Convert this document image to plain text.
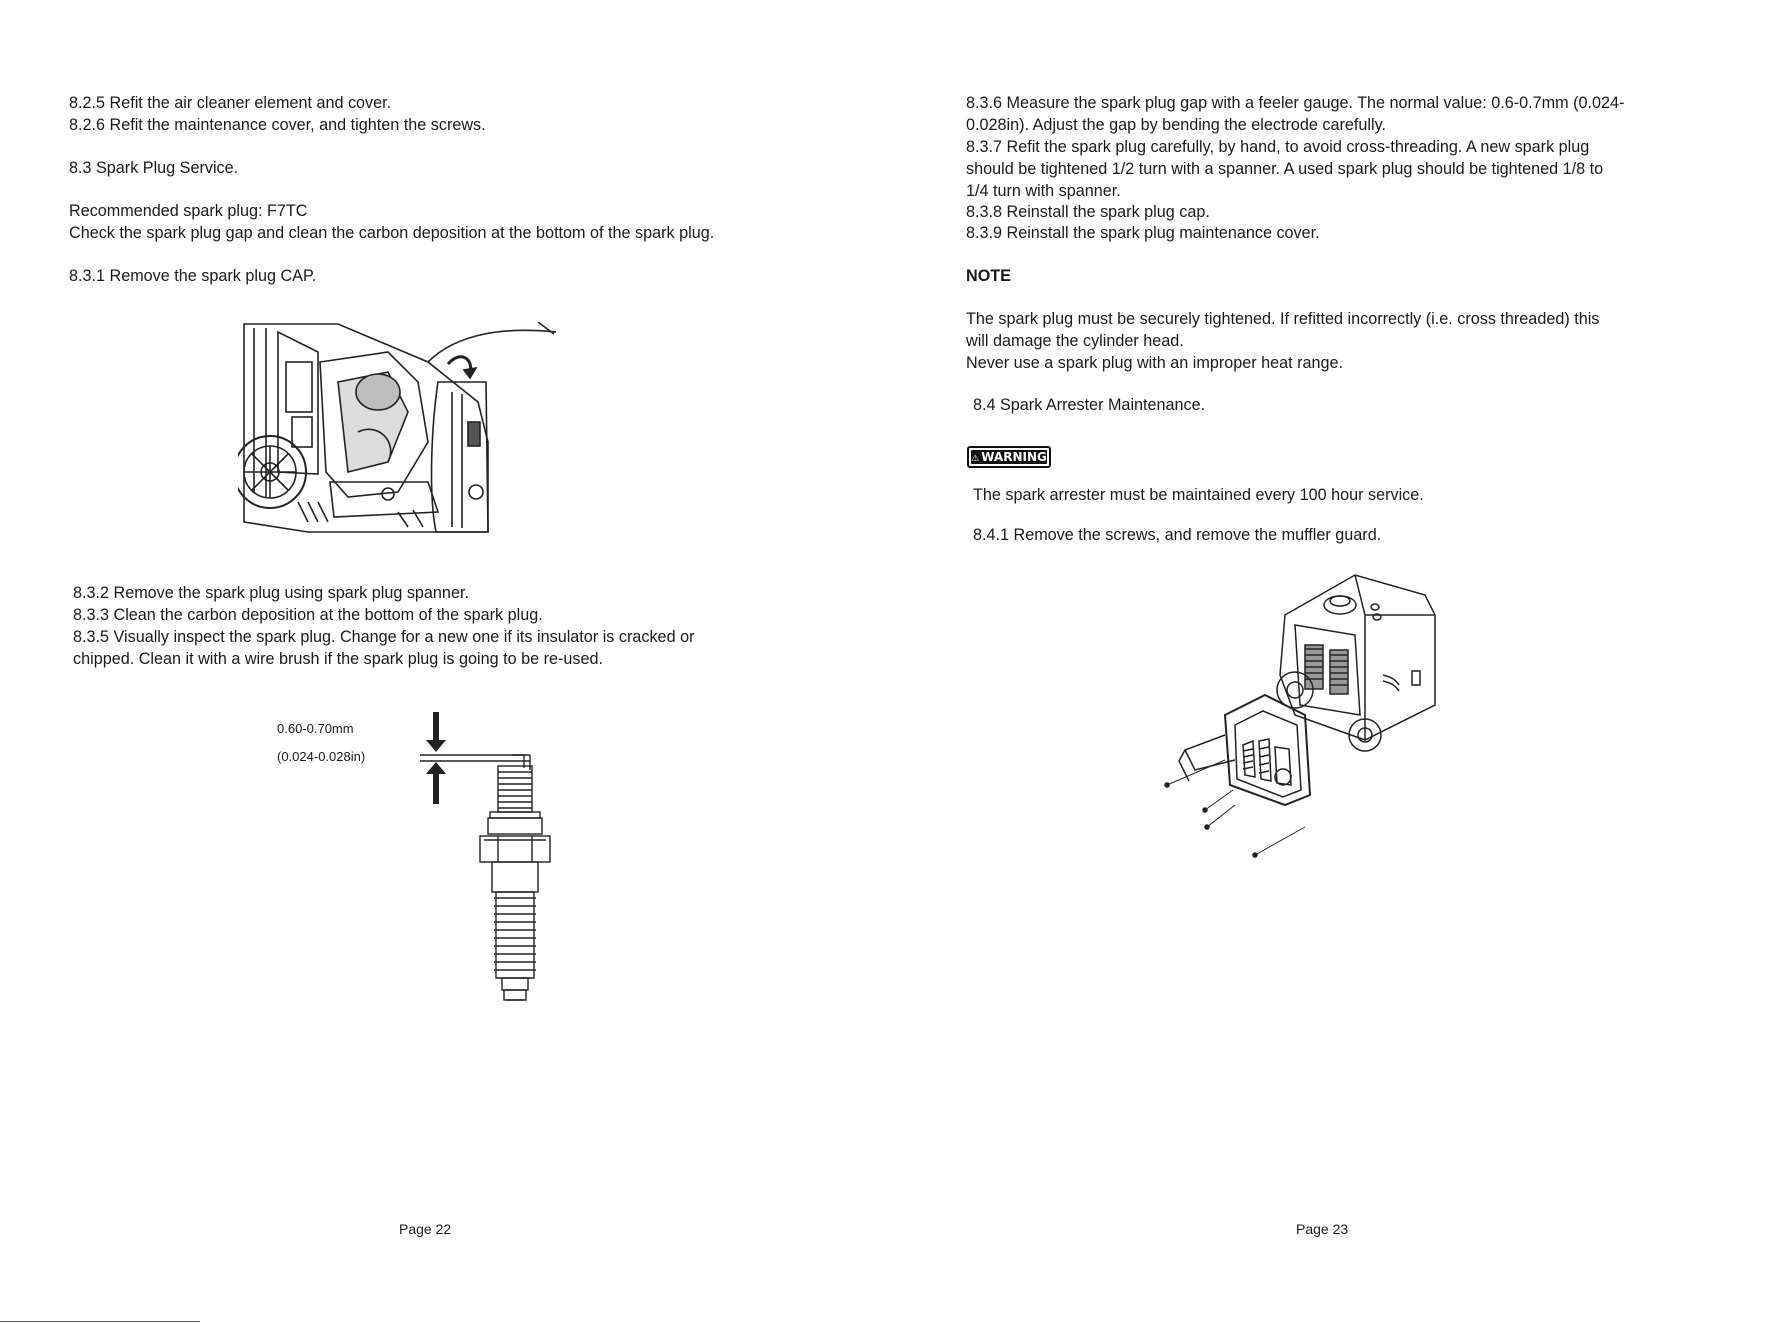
8.2.5 Refit the air cleaner element and cover.
8.2.6 Refit the maintenance cover, and tighten the screws.
8.3 Spark Plug Service.
Recommended spark plug: F7TC
Check the spark plug gap and clean the carbon deposition at the bottom of the spark plug.
8.3.1 Remove the spark plug CAP.
8.3.2 Remove the spark plug using spark plug spanner.
8.3.3 Clean the carbon deposition at the bottom of the spark plug.
8.3.5 Visually inspect the spark plug. Change for a new one if its insulator is cracked or
chipped. Clean it with a wire brush if the spark plug is going to be re-used.
0.60-0.70mm
(0.024-0.028in)
Page 22
8.3.6 Measure the spark plug gap with a feeler gauge. The normal value: 0.6-0.7mm (0.024-
0.028in). Adjust the gap by bending the electrode carefully.
8.3.7 Refit the spark plug carefully, by hand, to avoid cross-threading. A new spark plug
should be tightened 1/2 turn with a spanner. A used spark plug should be tightened 1/8 to
1/4 turn with spanner.
8.3.8 Reinstall the spark plug cap.
8.3.9 Reinstall the spark plug maintenance cover.
NOTE
The spark plug must be securely tightened. If refitted incorrectly (i.e. cross threaded) this
will damage the cylinder head.
Never use a spark plug with an improper heat range.
8.4 Spark Arrester Maintenance.
⚠ WARNING
The spark arrester must be maintained every 100 hour service.
8.4.1 Remove the screws, and remove the muffler guard.
Page 23
